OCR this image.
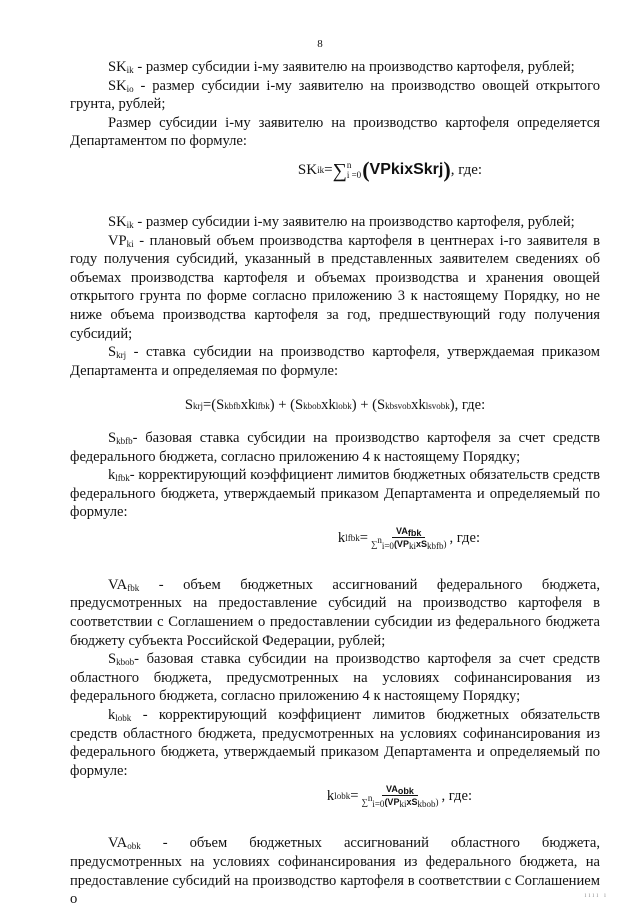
8

$SK_{ik}$ - размер субсидии i-му заявителю на производство картофеля, рублей;

$SK_{io}$ - размер субсидии i-му заявителю на производство овощей открытого грунта, рублей;

Размер субсидии i-му заявителю на производство картофеля определяется Департаментом по формуле:

SK ik = ∑ n
i =0 ( VP ki x S krj ) , где:

$SK_{ik}$ - размер субсидии i-му заявителю на производство картофеля, рублей;

$VP_{ki}$ - плановый объем производства картофеля в центнерах i-го заявителя в году получения субсидий, указанный в представленных заявителем сведениях об объемах производства картофеля и объемах производства и хранения овощей открытого грунта по форме согласно приложению 3 к настоящему Порядку, но не ниже объема производства картофеля за год, предшествующий году получения субсидий;

$S_{krj}$ - ставка субсидии на производство картофеля, утверждаемая приказом Департамента и определяемая по формуле:

S krj =( S kbfb xk lfbk ) + ( S kbob xk lobk ) + ( S kbsvob xk lsvobk ), где:

$S_{kbfb}-$ базовая ставка субсидии на производство картофеля за счет средств федерального бюджета, согласно приложению 4 к настоящему Порядку;

$k_{lfbk}-$ корректирующий коэффициент лимитов бюджетных обязательств средств федерального бюджета, утверждаемый приказом Департамента и определяемый по формуле:

k lfbk = $\frac{VA_{fbk}}{\sum^n_{i=0}(VP_{ki}xS_{kbfb})}$ , где:

$VA_{fbk}$ - объем бюджетных ассигнований федерального бюджета, предусмотренных на предоставление субсидий на производство картофеля в соответствии с Соглашением о предоставлении субсидии из федерального бюджета бюджету субъекта Российской Федерации, рублей;

$S_{kbob}-$ базовая ставка субсидии на производство картофеля за счет средств областного бюджета, предусмотренных на условиях софинансирования из федерального бюджета, согласно приложению 4 к настоящему Порядку;

$k_{lobk}$ - корректирующий коэффициент лимитов бюджетных обязательств средств областного бюджета, предусмотренных на условиях софинансирования из федерального бюджета, утверждаемый приказом Департамента и определяемый по формуле:

k lobk = $\frac{VA_{obk}}{\sum^n_{i=0}(VP_{ki}xS_{kbob})}$ , где:

$VA_{obk}$ - объем бюджетных ассигнований областного бюджета, предусмотренных на условиях софинансирования из федерального бюджета, на предоставление субсидий на производство картофеля в соответствии с Соглашением о	ıııı ı
